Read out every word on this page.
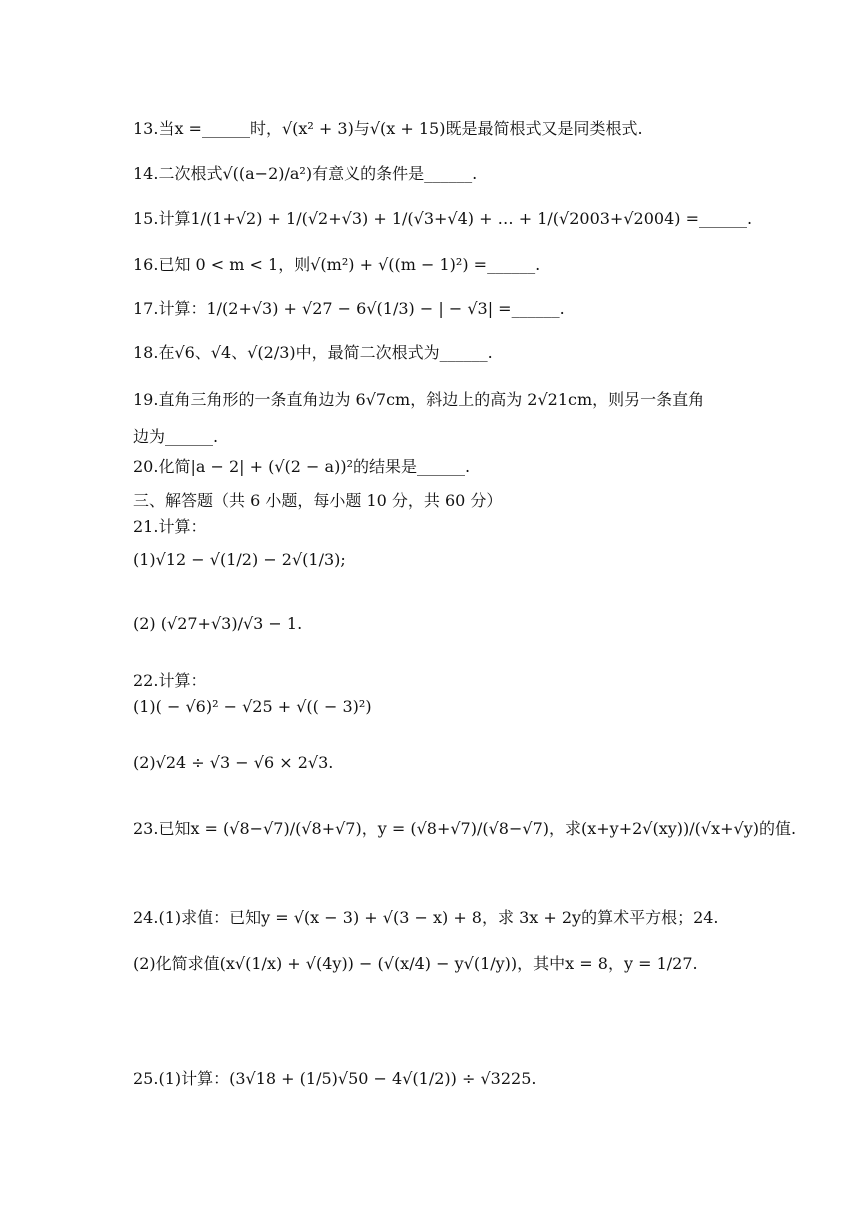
13.当x =______时，√(x² + 3)与√(x + 15)既是最简根式又是同类根式.
14.二次根式√((a−2)/a²)有意义的条件是______.
15.计算1/(1+√2) + 1/(√2+√3) + 1/(√3+√4) + … + 1/(√2003+√2004) =______.
16.已知 0 < m < 1，则√(m²) + √((m − 1)²) =______.
17.计算：1/(2+√3) + √27 − 6√(1/3) − | − √3| =______.
18.在√6、√4、√(2/3)中，最简二次根式为______.
19.直角三角形的一条直角边为 6√7cm，斜边上的高为 2√21cm，则另一条直角边为______.
20.化简|a − 2| + (√(2 − a))²的结果是______.
三、解答题（共 6 小题，每小题 10 分，共 60 分）
21.计算：
(1)√12 − √(1/2) − 2√(1/3);
(2) (√27+√3)/√3 − 1.
22.计算：
(1)( − √6)² − √25 + √(( − 3)²)
(2)√24 ÷ √3 − √6 × 2√3.
23.已知x = (√8−√7)/(√8+√7)，y = (√8+√7)/(√8−√7)，求(x+y+2√(xy))/(√x+√y)的值.
24.(1)求值：已知y = √(x − 3) + √(3 − x) + 8，求 3x + 2y的算术平方根；24.
(2)化简求值(x√(1/x) + √(4y)) − (√(x/4) − y√(1/y))，其中x = 8，y = 1/27.
25.(1)计算：(3√18 + (1/5)√50 − 4√(1/2)) ÷ √3225.
